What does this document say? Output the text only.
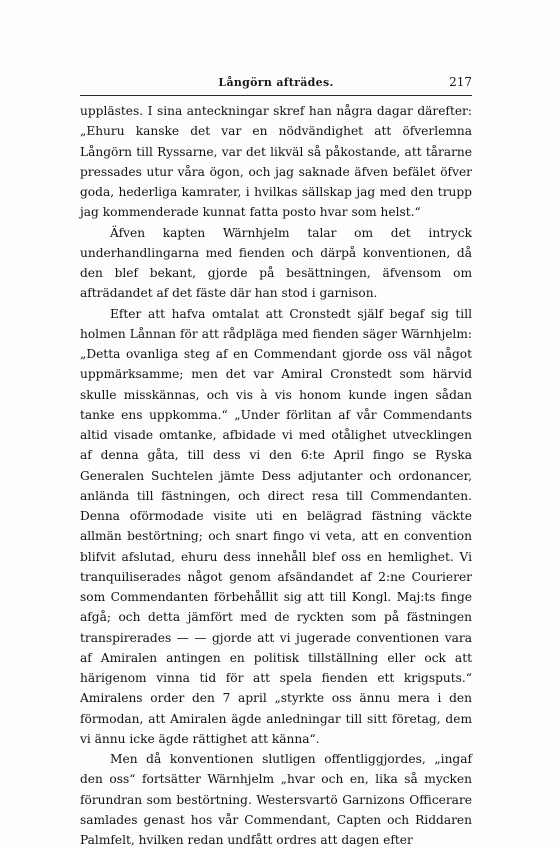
Långörn afträdes.	217

upplästes. I sina anteckningar skref han några dagar därefter: „Ehuru kanske det var en nödvändighet att öfverlemna Långörn till Ryssarne, var det likväl så påkostande, att tårarne pressades utur våra ögon, och jag saknade äfven befälet öfver goda, hederliga kamrater, i hvilkas sällskap jag med den trupp jag kommenderade kunnat fatta posto hvar som helst.“

Äfven kapten Wärnhjelm talar om det intryck underhandlingarna med fienden och därpå konventionen, då den blef bekant, gjorde på besättningen, äfvensom om afträdandet af det fäste där han stod i garnison.

Efter att hafva omtalat att Cronstedt själf begaf sig till holmen Lånnan för att rådpläga med fienden säger Wärnhjelm: „Detta ovanliga steg af en Commendant gjorde oss väl något uppmärksamme; men det var Amiral Cronstedt som härvid skulle misskännas, och vis à vis honom kunde ingen sådan tanke ens uppkomma.“ „Under förlitan af vår Commendants altid visade omtanke, afbidade vi med otålighet utvecklingen af denna gåta, till dess vi den 6:te April fingo se Ryska Generalen Suchtelen jämte Dess adjutanter och ordonancer, anlända till fästningen, och direct resa till Commendanten. Denna oförmodade visite uti en belägrad fästning väckte allmän bestörtning; och snart fingo vi veta, att en convention blifvit afslutad, ehuru dess innehåll blef oss en hemlighet. Vi tranquiliserades något genom afsändandet af 2:ne Courierer som Commendanten förbehållit sig att till Kongl. Maj:ts finge afgå; och detta jämfört med de ryckten som på fästningen transpirerades — — gjorde att vi jugerade conventionen vara af Amiralen antingen en politisk tillställning eller ock att härigenom vinna tid för att spela fienden ett krigsputs.“ Amiralens order den 7 april „styrkte oss ännu mera i den förmodan, att Amiralen ägde anledningar till sitt företag, dem vi ännu icke ägde rättighet att känna“.

Men då konventionen slutligen offentliggjordes, „ingaf den oss“ fortsätter Wärnhjelm „hvar och en, lika så mycken förundran som bestörtning. Westersvartö Garnizons Officerare samlades genast hos vår Commendant, Capten och Riddaren Palmfelt, hvilken redan undfått ordres att dagen efter
